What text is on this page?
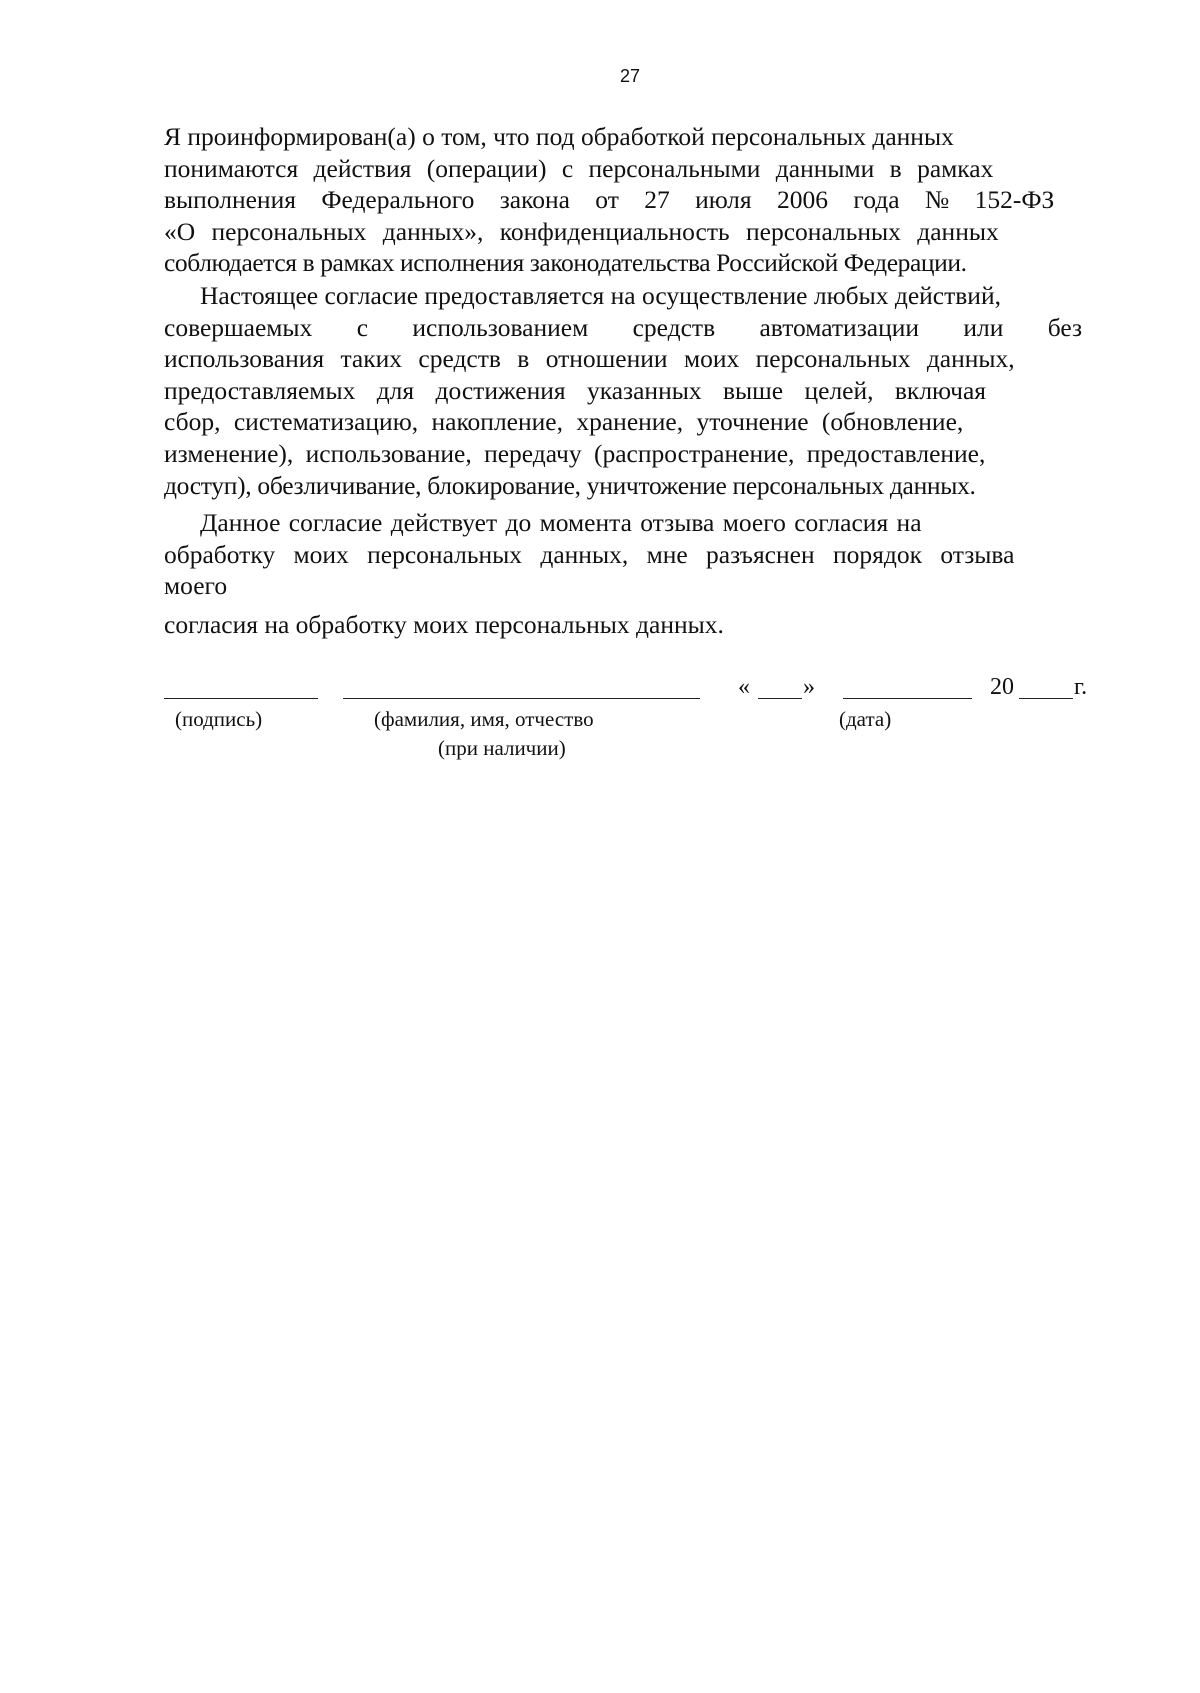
27
Я проинформирован(а) о том, что под обработкой персональных данных
понимаются действия (операции) с персональными данными в рамках
выполнения Федерального закона от 27 июля 2006 года № 152-ФЗ
«О персональных данных», конфиденциальность персональных данных
соблюдается в рамках исполнения законодательства Российской Федерации.
Настоящее согласие предоставляется на осуществление любых действий,
совершаемых с использованием средств автоматизации или без
использования таких средств в отношении моих персональных данных,
предоставляемых для достижения указанных выше целей, включая
сбор, систематизацию, накопление, хранение, уточнение (обновление,
изменение), использование, передачу (распространение, предоставление,
доступ), обезличивание, блокирование, уничтожение персональных данных.
Данное согласие действует до момента отзыва моего согласия на
обработку моих персональных данных, мне разъяснен порядок отзыва
моего
согласия на обработку моих персональных данных.
« »	20	г.
(подпись)	(фамилия, имя, отчество
(при наличии)
(дата)
